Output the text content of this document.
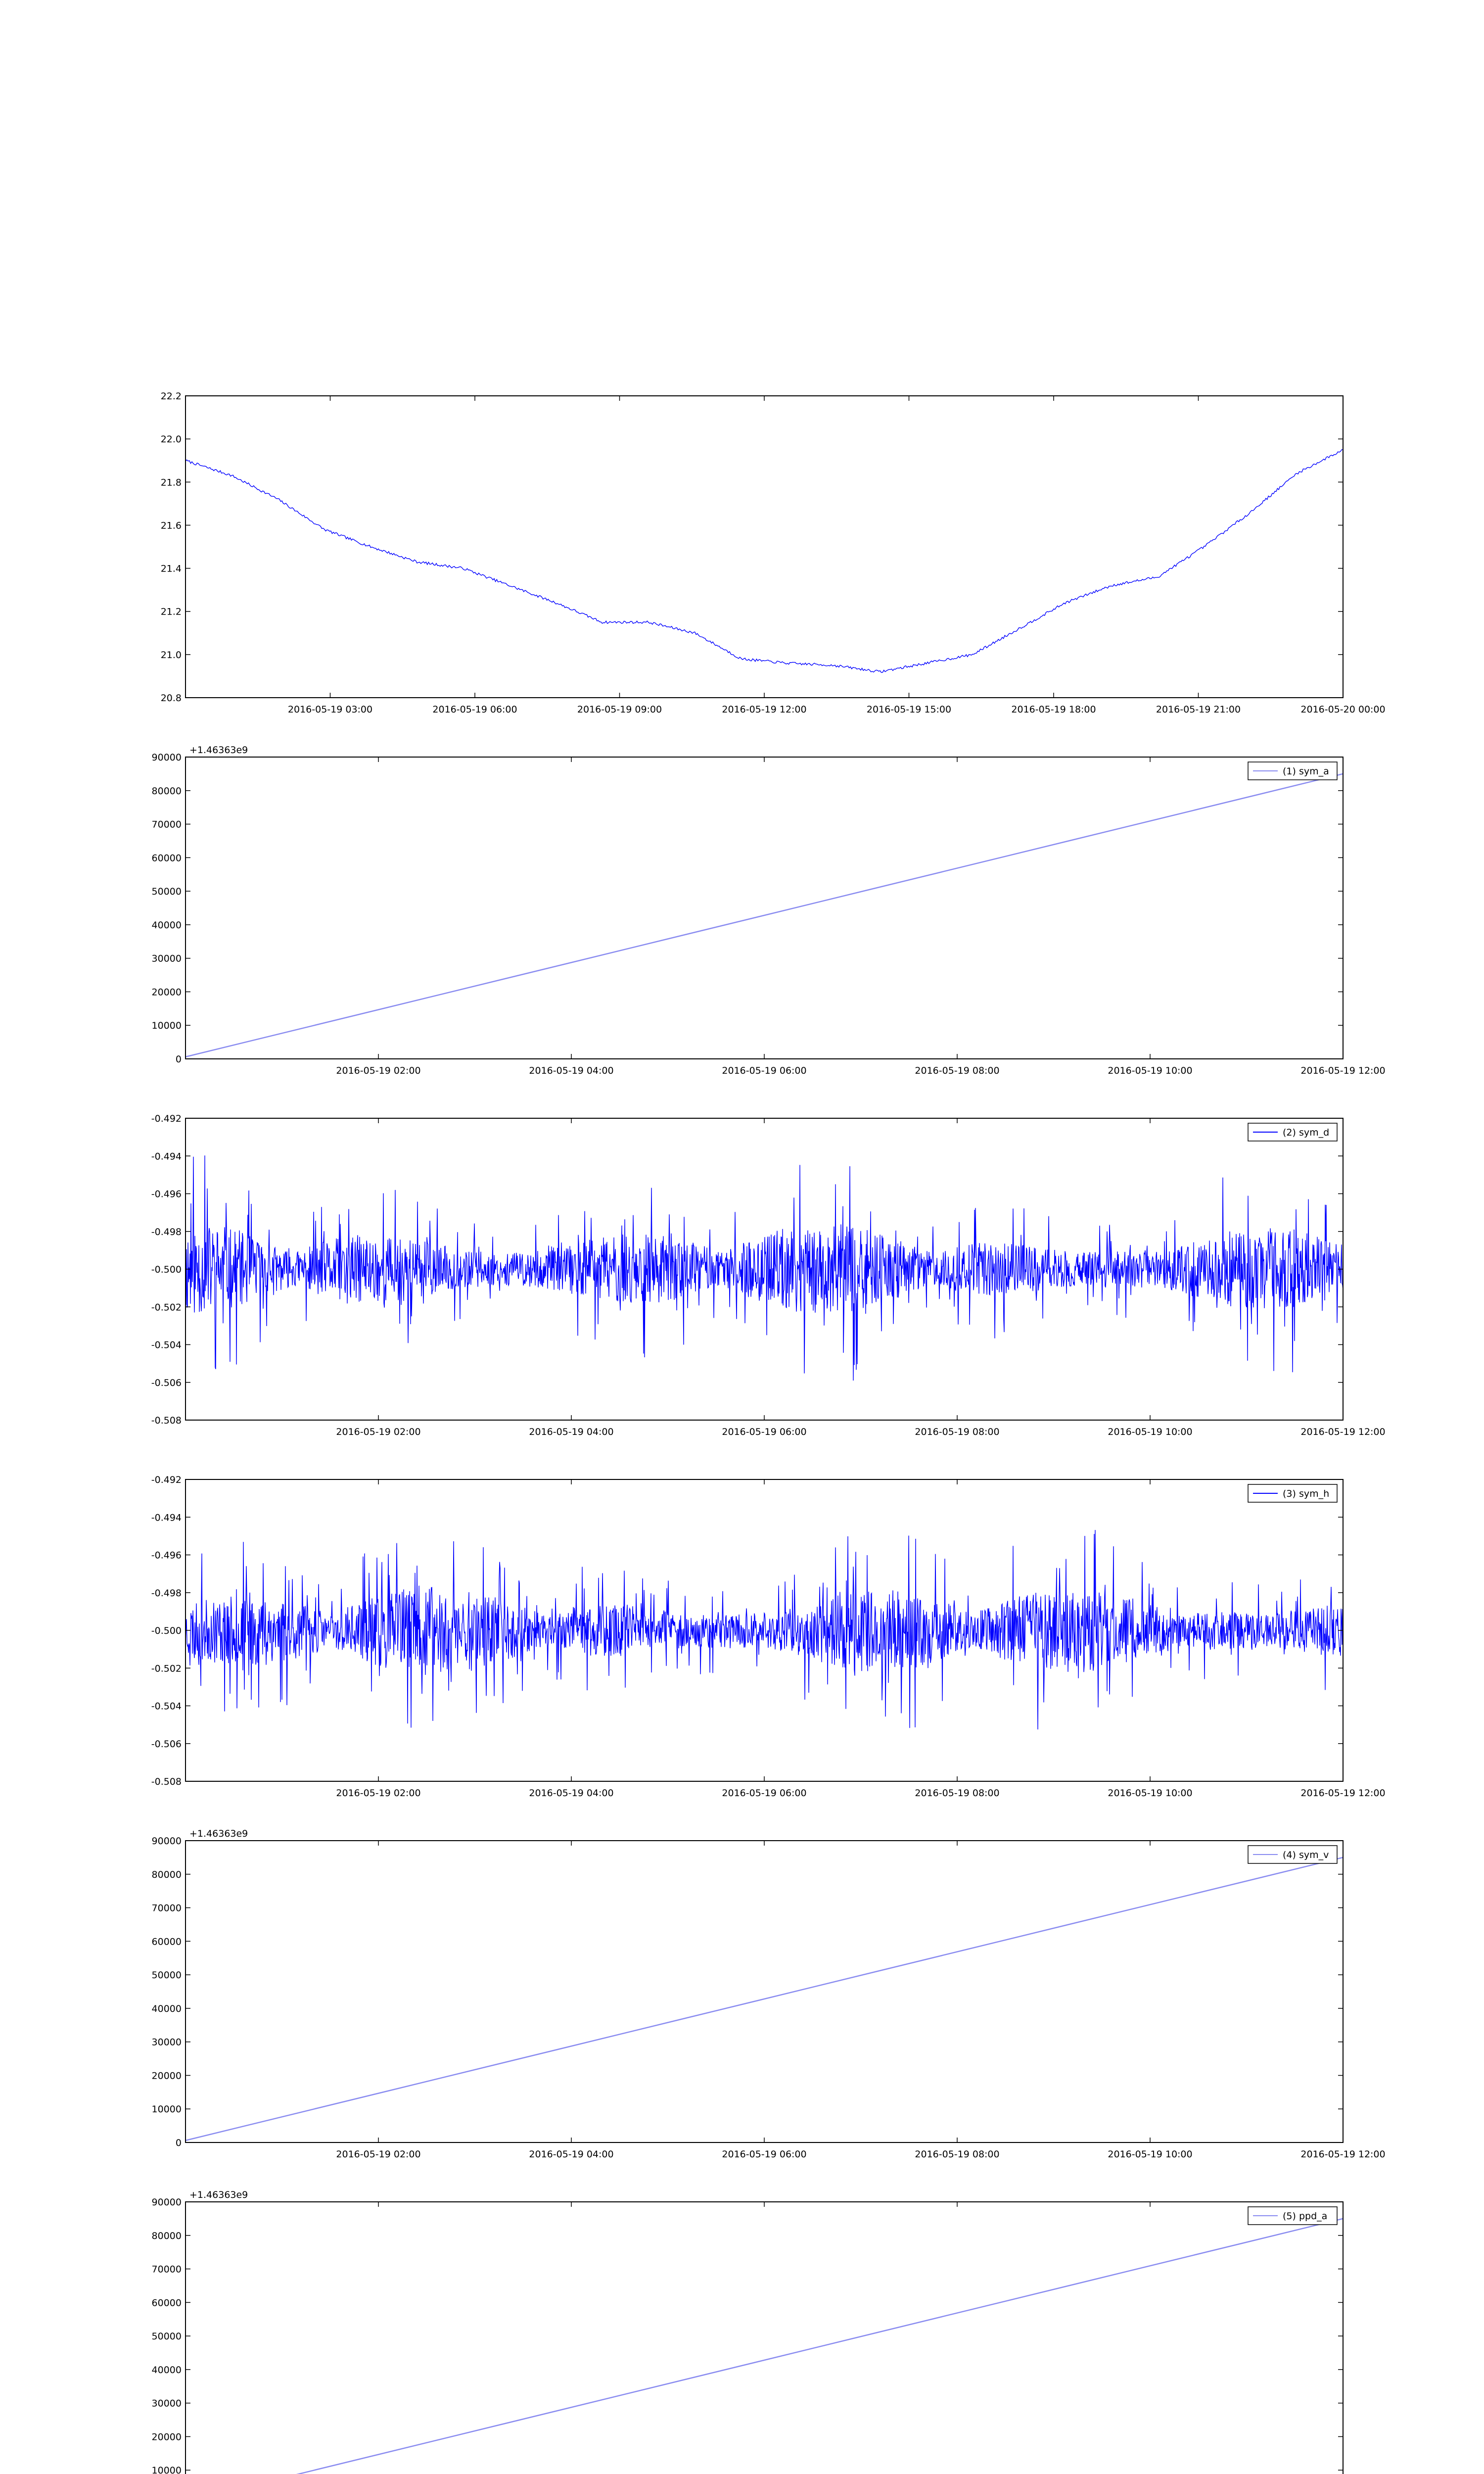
20.8
21.0
21.2
21.4
21.6
21.8
22.0
22.2
2016-05-19 03:00	2016-05-19 06:00	2016-05-19 09:00	2016-05-19 12:00	2016-05-19 15:00	2016-05-19 18:00	2016-05-19 21:00	2016-05-20 00:00
0
10000
20000
30000
40000
50000
60000
70000
80000
90000
2016-05-19 02:00	2016-05-19 04:00	2016-05-19 06:00	2016-05-19 08:00	2016-05-19 10:00	2016-05-19 12:00
+1.46363e9
(1) sym_a
-0.508
-0.506
-0.504
-0.502
-0.500
-0.498
-0.496
-0.494
-0.492
2016-05-19 02:00	2016-05-19 04:00	2016-05-19 06:00	2016-05-19 08:00	2016-05-19 10:00	2016-05-19 12:00
(2) sym_d
-0.508
-0.506
-0.504
-0.502
-0.500
-0.498
-0.496
-0.494
-0.492
2016-05-19 02:00	2016-05-19 04:00	2016-05-19 06:00	2016-05-19 08:00	2016-05-19 10:00	2016-05-19 12:00
(3) sym_h
0
10000
20000
30000
40000
50000
60000
70000
80000
90000
2016-05-19 02:00	2016-05-19 04:00	2016-05-19 06:00	2016-05-19 08:00	2016-05-19 10:00	2016-05-19 12:00
+1.46363e9
(4) sym_v
10000
20000
30000
40000
50000
60000
70000
80000
90000
+1.46363e9
(5) ppd_a
